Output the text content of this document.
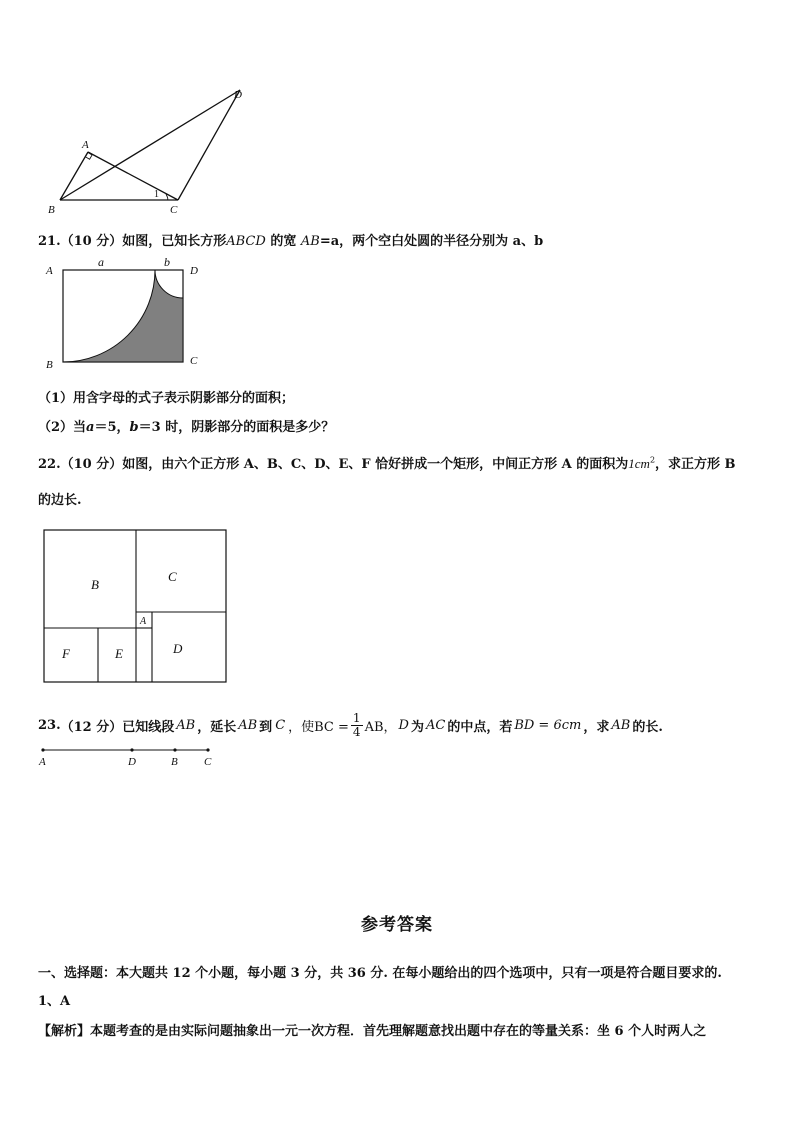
A
B	C
D
1
21.（10 分）如图，已知长方形ABCD 的宽 AB=a，两个空白处圆的半径分别为 a、b
A
B	C
D
a	b
（1）用含字母的式子表示阴影部分的面积；
（2）当a＝5，b＝3 时，阴影部分的面积是多少？
22.（10 分）如图，由六个正方形 A、B、C、D、E、F 恰好拼成一个矩形，中间正方形 A 的面积为$1cm^2$，求正方形 B
的边长.
B
C
A
F	E	D
23. （12 分）已知线段 AB ，延长 AB 到 C ，使BC = $\frac{1}{4}$ AB， D 为 AC 的中点，若 BD = 6cm ，求 AB 的长.
A	D	B C
参考答案
一、选择题：本大题共 12 个小题，每小题 3 分，共 36 分. 在每小题给出的四个选项中，只有一项是符合题目要求的.
1、A
【解析】本题考查的是由实际问题抽象出一元一次方程．首先理解题意找出题中存在的等量关系：坐 6 个人时两人之
